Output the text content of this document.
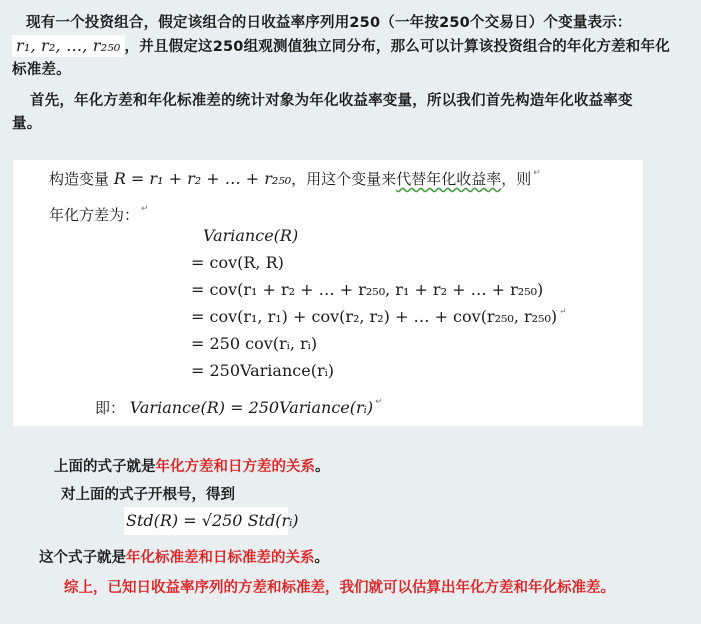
现有一个投资组合，假定该组合的日收益率序列用250（一年按250个交易日）个变量表示：
r₁, r₂, …, r₂₅₀ ，并且假定这250组观测值独立同分布，那么可以计算该投资组合的年化方差和年化
标准差。
首先，年化方差和年化标准差的统计对象为年化收益率变量，所以我们首先构造年化收益率变
量。
构造变量 R = r₁ + r₂ + … + r₂₅₀，用这个变量来代替年化收益率，则 ↵
年化方差为： ↵
Variance(R)
= cov(R, R)
= cov(r₁ + r₂ + … + r₂₅₀, r₁ + r₂ + … + r₂₅₀)
= cov(r₁, r₁) + cov(r₂, r₂) + … + cov(r₂₅₀, r₂₅₀) ↵
= 250 cov(rᵢ, rᵢ)
= 250Variance(rᵢ)
即： Variance(R) = 250Variance(rᵢ) ↵
上面的式子就是年化方差和日方差的关系。
对上面的式子开根号，得到
Std(R) = √250 Std(rᵢ)
这个式子就是年化标准差和日标准差的关系。
综上，已知日收益率序列的方差和标准差，我们就可以估算出年化方差和年化标准差。
